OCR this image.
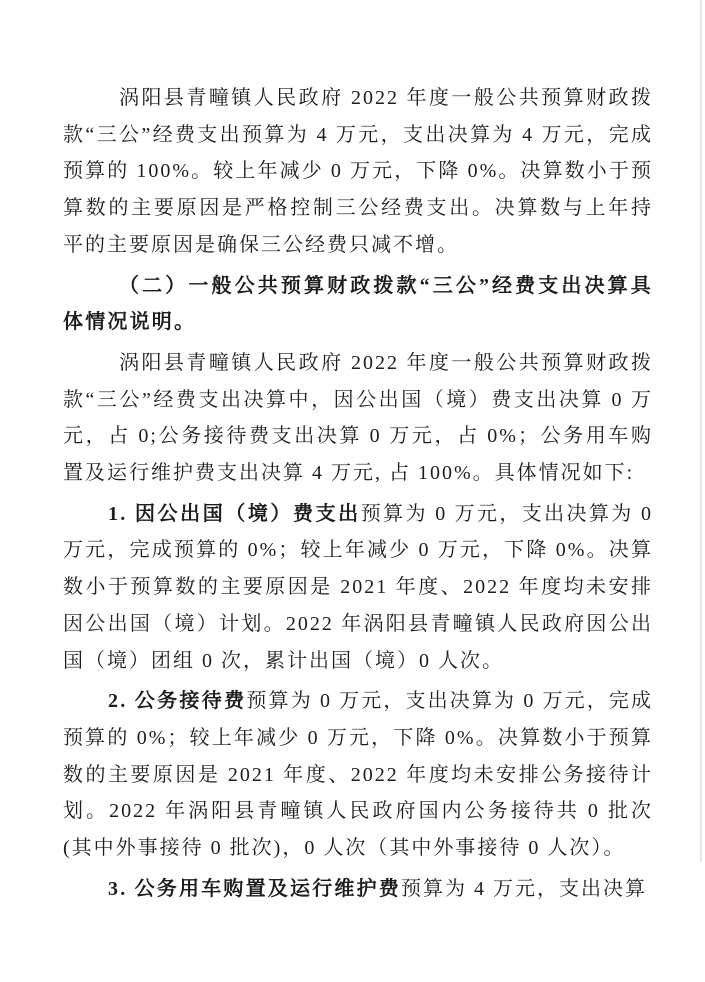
涡阳县青疃镇人民政府 2022 年度一般公共预算财政拨款“三公”经费支出预算为 4 万元，支出决算为 4 万元，完成预算的 100%。较上年减少 0 万元，下降 0%。决算数小于预算数的主要原因是严格控制三公经费支出。决算数与上年持平的主要原因是确保三公经费只减不增。

（二）一般公共预算财政拨款“三公”经费支出决算具体情况说明。

涡阳县青疃镇人民政府 2022 年度一般公共预算财政拨款“三公”经费支出决算中，因公出国（境）费支出决算 0 万元，占 0;公务接待费支出决算 0 万元，占 0%；公务用车购置及运行维护费支出决算 4 万元, 占 100%。具体情况如下:

1. 因公出国（境）费支出预算为 0 万元，支出决算为 0 万元，完成预算的 0%；较上年减少 0 万元，下降 0%。决算数小于预算数的主要原因是 2021 年度、2022 年度均未安排因公出国（境）计划。2022 年涡阳县青疃镇人民政府因公出国（境）团组 0 次，累计出国（境）0 人次。

2. 公务接待费预算为 0 万元，支出决算为 0 万元，完成预算的 0%；较上年减少 0 万元，下降 0%。决算数小于预算数的主要原因是 2021 年度、2022 年度均未安排公务接待计划。2022 年涡阳县青疃镇人民政府国内公务接待共 0 批次(其中外事接待 0 批次)，0 人次（其中外事接待 0 人次）。

3. 公务用车购置及运行维护费预算为 4 万元，支出决算
